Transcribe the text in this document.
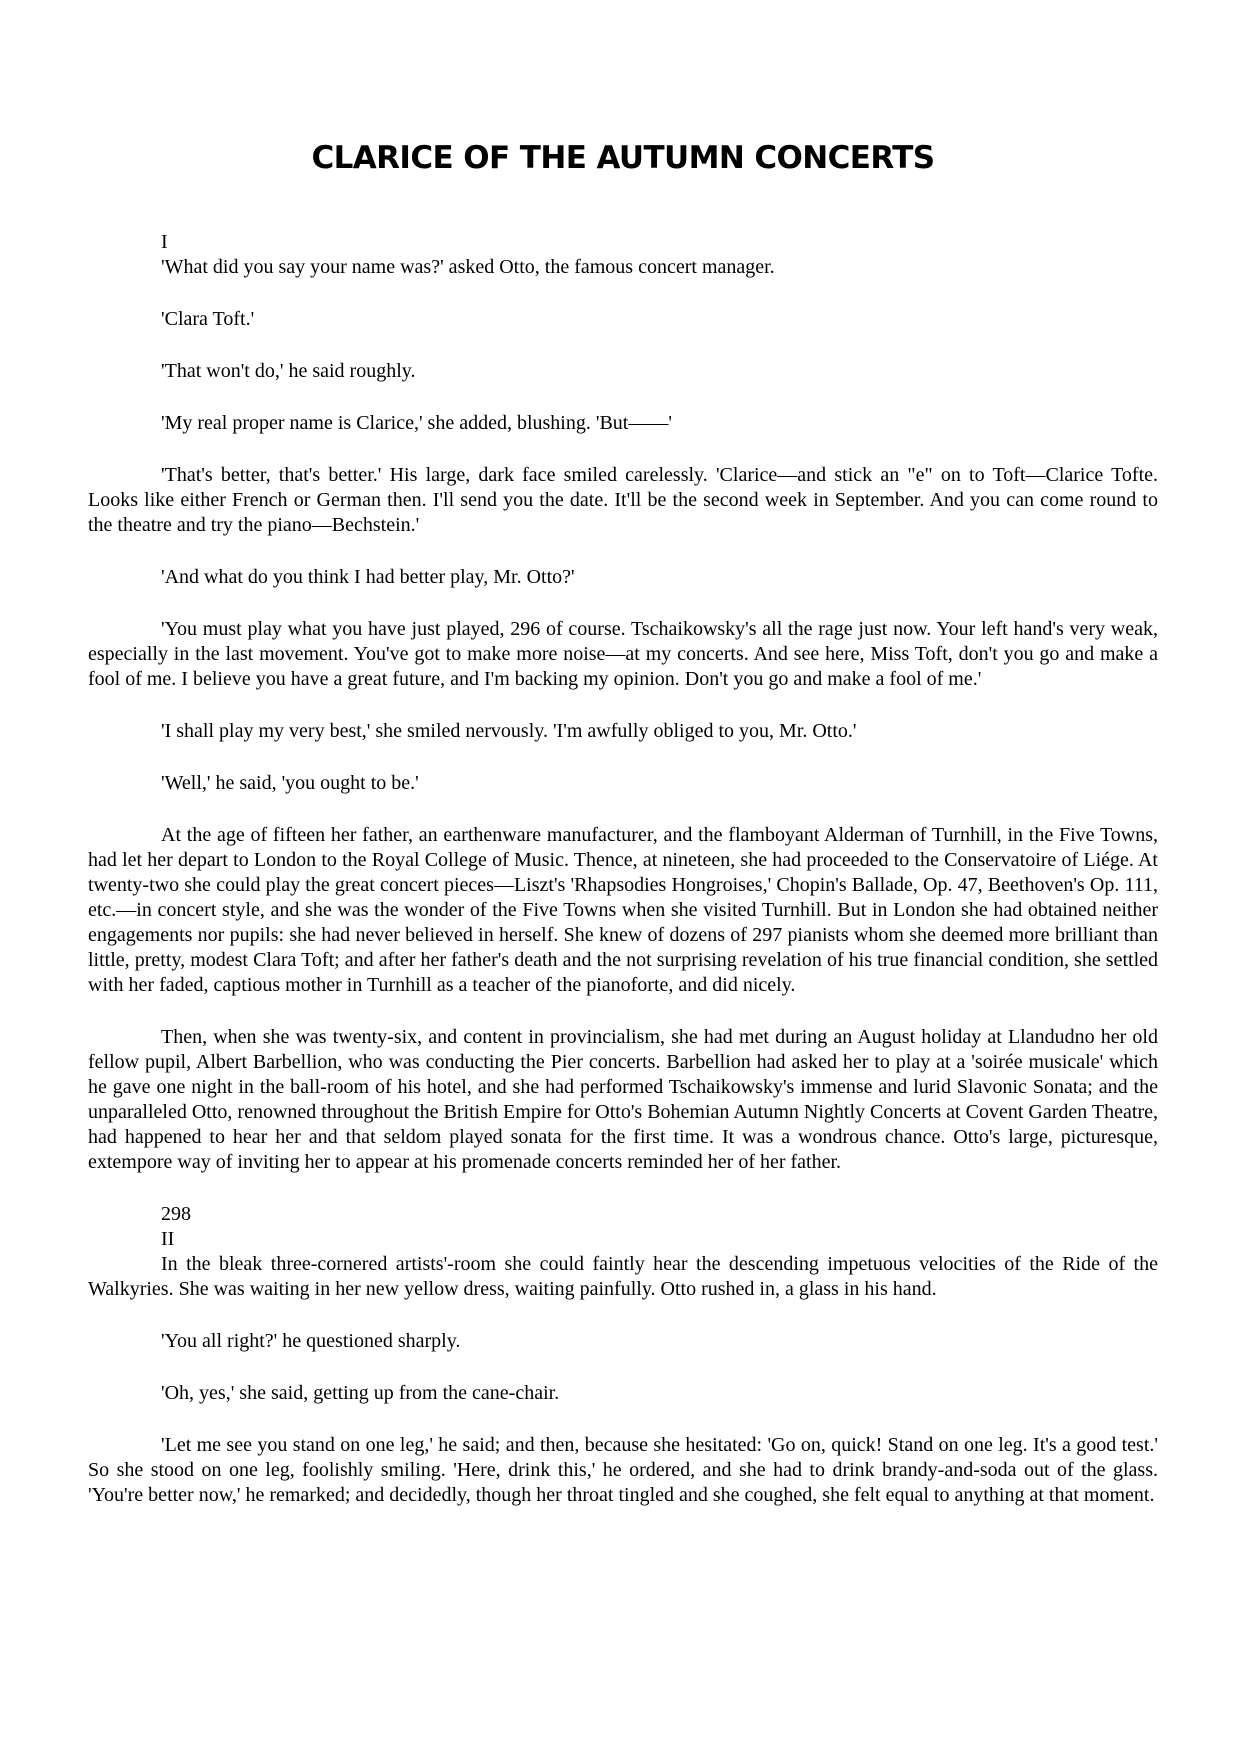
CLARICE OF THE AUTUMN CONCERTS
I

'What did you say your name was?' asked Otto, the famous concert manager.

'Clara Toft.'

'That won't do,' he said roughly.

'My real proper name is Clarice,' she added, blushing. 'But——'

'That's better, that's better.' His large, dark face smiled carelessly. 'Clarice—and stick an "e" on to Toft—Clarice Tofte. Looks like either French or German then. I'll send you the date. It'll be the second week in September. And you can come round to the theatre and try the piano—Bechstein.'

'And what do you think I had better play, Mr. Otto?'

'You must play what you have just played, 296 of course. Tschaikowsky's all the rage just now. Your left hand's very weak, especially in the last movement. You've got to make more noise—at my concerts. And see here, Miss Toft, don't you go and make a fool of me. I believe you have a great future, and I'm backing my opinion. Don't you go and make a fool of me.'

'I shall play my very best,' she smiled nervously. 'I'm awfully obliged to you, Mr. Otto.'

'Well,' he said, 'you ought to be.'

At the age of fifteen her father, an earthenware manufacturer, and the flamboyant Alderman of Turnhill, in the Five Towns, had let her depart to London to the Royal College of Music. Thence, at nineteen, she had proceeded to the Conservatoire of Liége. At twenty-two she could play the great concert pieces—Liszt's 'Rhapsodies Hongroises,' Chopin's Ballade, Op. 47, Beethoven's Op. 111, etc.—in concert style, and she was the wonder of the Five Towns when she visited Turnhill. But in London she had obtained neither engagements nor pupils: she had never believed in herself. She knew of dozens of 297 pianists whom she deemed more brilliant than little, pretty, modest Clara Toft; and after her father's death and the not surprising revelation of his true financial condition, she settled with her faded, captious mother in Turnhill as a teacher of the pianoforte, and did nicely.

Then, when she was twenty-six, and content in provincialism, she had met during an August holiday at Llandudno her old fellow pupil, Albert Barbellion, who was conducting the Pier concerts. Barbellion had asked her to play at a 'soirée musicale' which he gave one night in the ball-room of his hotel, and she had performed Tschaikowsky's immense and lurid Slavonic Sonata; and the unparalleled Otto, renowned throughout the British Empire for Otto's Bohemian Autumn Nightly Concerts at Covent Garden Theatre, had happened to hear her and that seldom played sonata for the first time. It was a wondrous chance. Otto's large, picturesque, extempore way of inviting her to appear at his promenade concerts reminded her of her father.

298
II

In the bleak three-cornered artists'-room she could faintly hear the descending impetuous velocities of the Ride of the Walkyries. She was waiting in her new yellow dress, waiting painfully. Otto rushed in, a glass in his hand.

'You all right?' he questioned sharply.

'Oh, yes,' she said, getting up from the cane-chair.

'Let me see you stand on one leg,' he said; and then, because she hesitated: 'Go on, quick! Stand on one leg. It's a good test.' So she stood on one leg, foolishly smiling. 'Here, drink this,' he ordered, and she had to drink brandy-and-soda out of the glass. 'You're better now,' he remarked; and decidedly, though her throat tingled and she coughed, she felt equal to anything at that moment.
